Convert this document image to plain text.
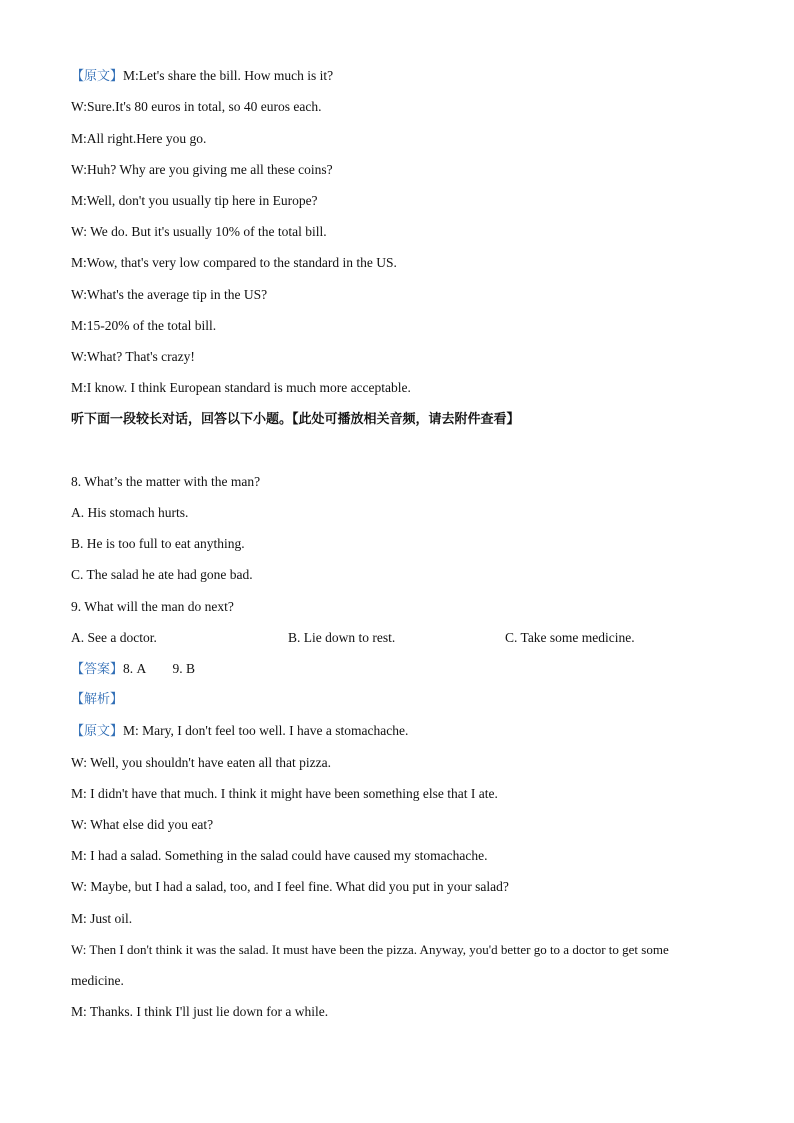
【原文】M:Let's share the bill. How much is it?
W:Sure.It's 80 euros in total, so 40 euros each.
M:All right.Here you go.
W:Huh? Why are you giving me all these coins?
M:Well, don't you usually tip here in Europe?
W: We do. But it's usually 10% of the total bill.
M:Wow, that's very low compared to the standard in the US.
W:What's the average tip in the US?
M:15-20% of the total bill.
W:What? That's crazy!
M:I know. I think European standard is much more acceptable.
听下面一段较长对话，回答以下小题。【此处可播放相关音频，请去附件查看】
8. What’s the matter with the man?
A. His stomach hurts.
B. He is too full to eat anything.
C. The salad he ate had gone bad.
9. What will the man do next?
A. See a doctor.	B. Lie down to rest.	C. Take some medicine.
【答案】8. A        9. B
【解析】
【原文】M: Mary, I don't feel too well. I have a stomachache.
W: Well, you shouldn't have eaten all that pizza.
M: I didn't have that much. I think it might have been something else that I ate.
W: What else did you eat?
M: I had a salad. Something in the salad could have caused my stomachache.
W: Maybe, but I had a salad, too, and I feel fine. What did you put in your salad?
M: Just oil.
W: Then I don't think it was the salad. It must have been the pizza. Anyway, you'd better go to a doctor to get some
medicine.
M: Thanks. I think I'll just lie down for a while.
